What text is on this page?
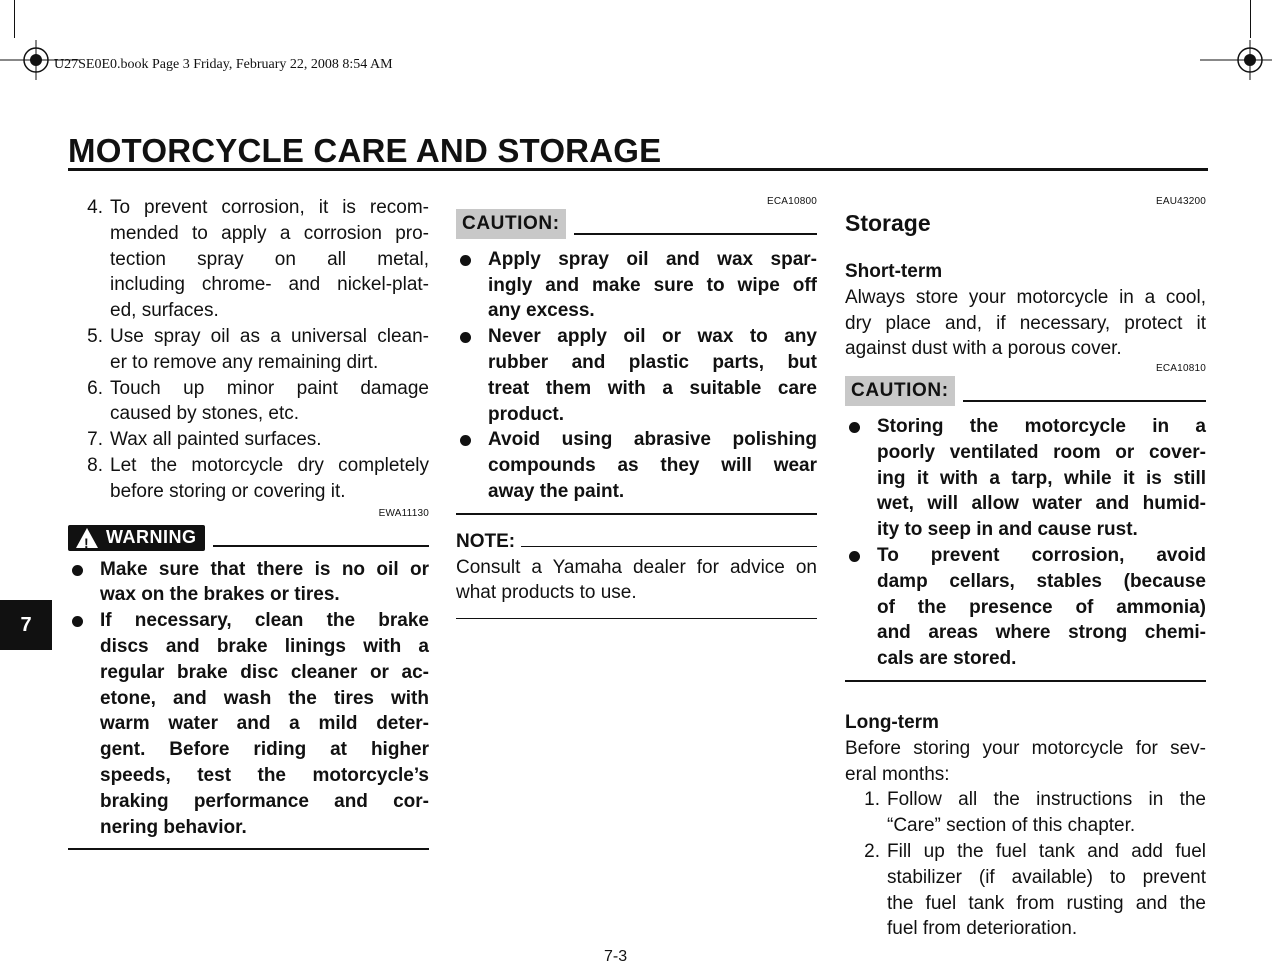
U27SE0E0.book Page 3 Friday, February 22, 2008 8:54 AM
MOTORCYCLE CARE AND STORAGE
7
4. To prevent corrosion, it is recom-
mended to apply a corrosion pro-
tection spray on all metal,
including chrome- and nickel-plat-
ed, surfaces.
5. Use spray oil as a universal clean-
er to remove any remaining dirt.
6. Touch up minor paint damage
caused by stones, etc.
7. Wax all painted surfaces.
8. Let the motorcycle dry completely
before storing or covering it.
EWA11130
! WARNING
Make sure that there is no oil or
wax on the brakes or tires.
If necessary, clean the brake
discs and brake linings with a
regular brake disc cleaner or ac-
etone, and wash the tires with
warm water and a mild deter-
gent. Before riding at higher
speeds, test the motorcycle’s
braking performance and cor-
nering behavior.
ECA10800
CAUTION:
Apply spray oil and wax spar-
ingly and make sure to wipe off
any excess.
Never apply oil or wax to any
rubber and plastic parts, but
treat them with a suitable care
product.
Avoid using abrasive polishing
compounds as they will wear
away the paint.
NOTE:
Consult a Yamaha dealer for advice on
what products to use.
EAU43200
Storage
Short-term
Always store your motorcycle in a cool,
dry place and, if necessary, protect it
against dust with a porous cover.
ECA10810
CAUTION:
Storing the motorcycle in a
poorly ventilated room or cover-
ing it with a tarp, while it is still
wet, will allow water and humid-
ity to seep in and cause rust.
To prevent corrosion, avoid
damp cellars, stables (because
of the presence of ammonia)
and areas where strong chemi-
cals are stored.
Long-term
Before storing your motorcycle for sev-
eral months:
1. Follow all the instructions in the
“Care” section of this chapter.
2. Fill up the fuel tank and add fuel
stabilizer (if available) to prevent
the fuel tank from rusting and the
fuel from deterioration.
7-3
